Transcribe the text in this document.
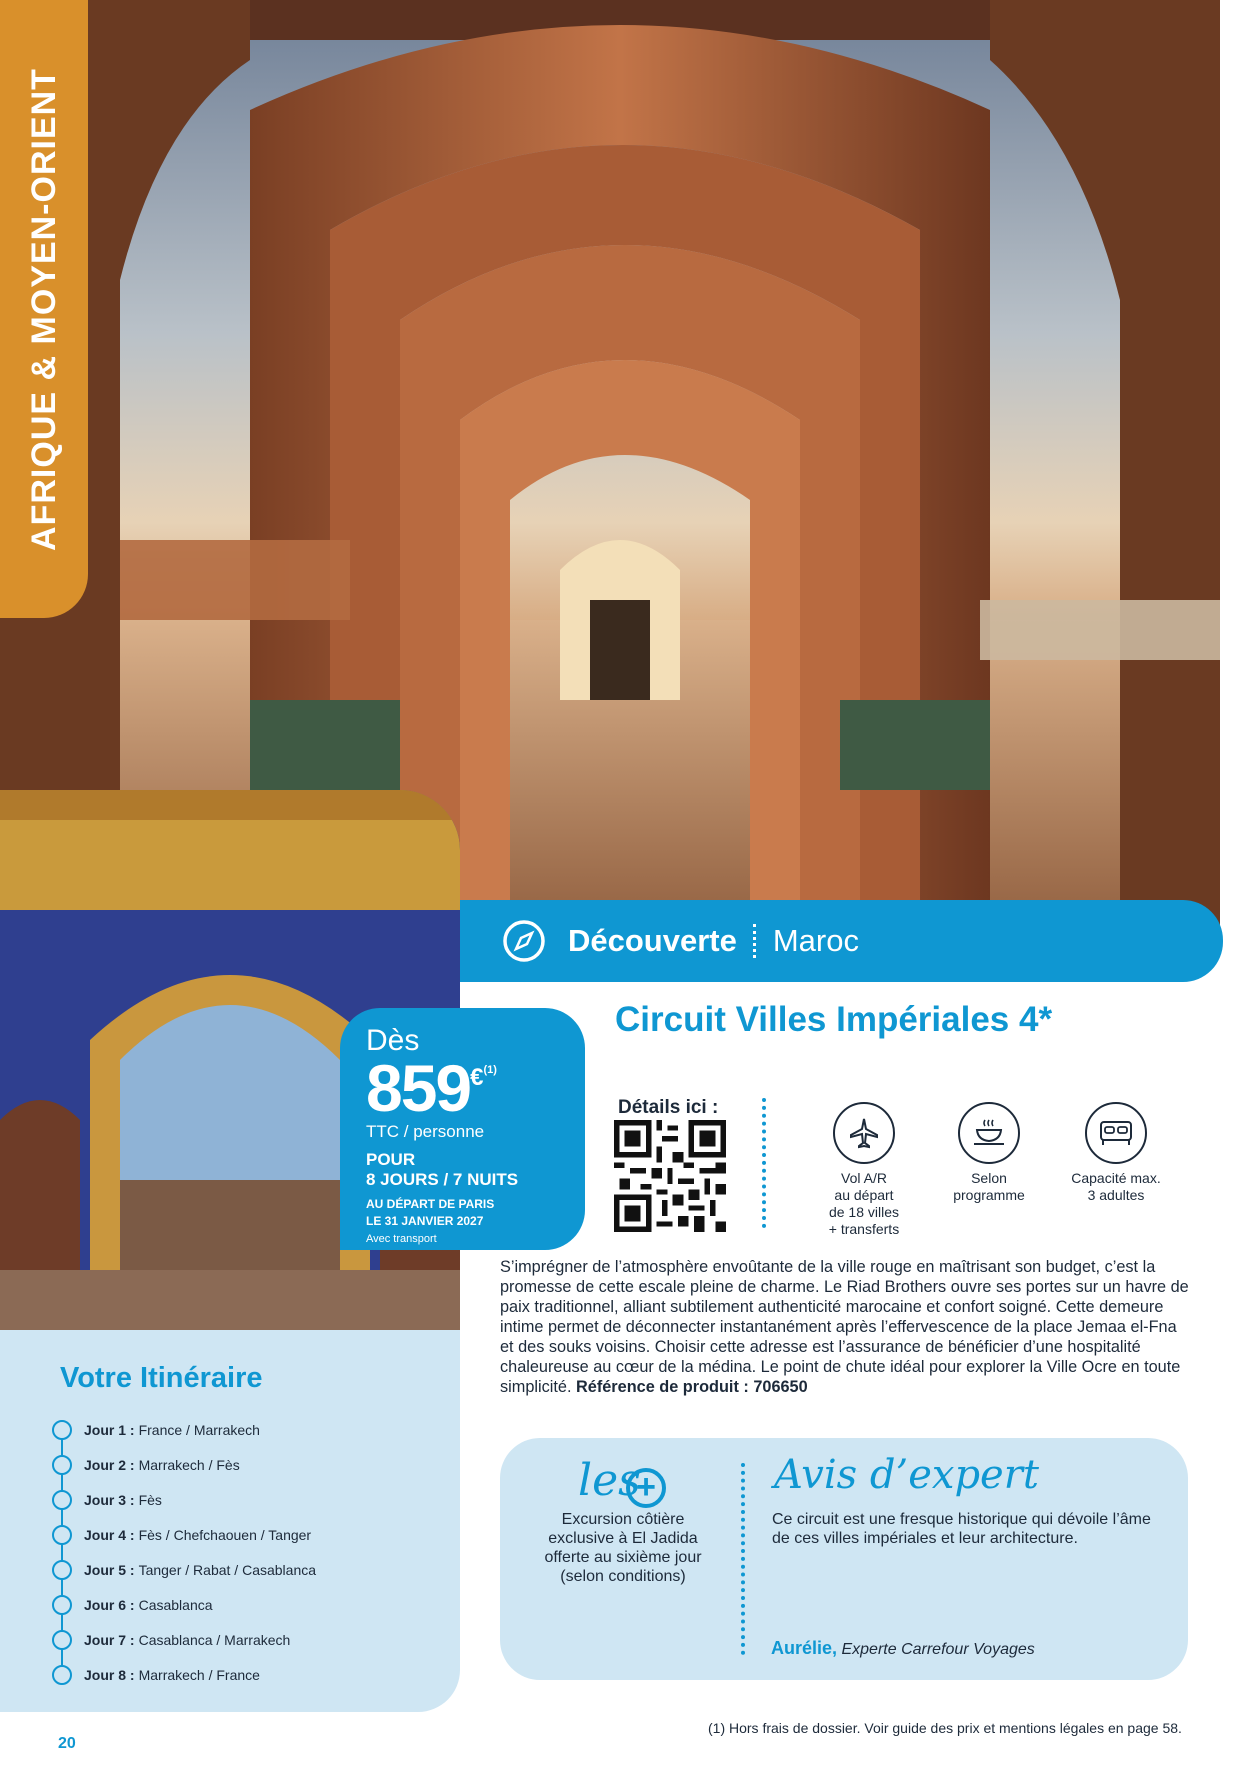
AFRIQUE & MOYEN-ORIENT
Découverte Maroc
Circuit Villes Impériales 4*
Dès
859€(1)
TTC / personne
POUR
8 JOURS / 7 NUITS
AU DÉPART DE PARIS
LE 31 JANVIER 2027
Avec transport
Détails ici :
Vol A/R
au départ
de 18 villes
+ transferts
Selon
programme
Capacité max.
3 adultes
S’imprégner de l’atmosphère envoûtante de la ville rouge en maîtrisant son budget, c’est la promesse de cette escale pleine de charme. Le Riad Brothers ouvre ses portes sur un havre de paix traditionnel, alliant subtilement authenticité marocaine et confort soigné. Cette demeure intime permet de déconnecter instantanément après l’effervescence de la place Jemaa el-Fna et des souks voisins. Choisir cette adresse est l’assurance de bénéficier d’une hospitalité chaleureuse au cœur de la médina. Le point de chute idéal pour explorer la Ville Ocre en toute simplicité. Référence de produit : 706650
Votre Itinéraire
Jour 1 : France / Marrakech
Jour 2 : Marrakech / Fès
Jour 3 : Fès
Jour 4 : Fès / Chefchaouen / Tanger
Jour 5 : Tanger / Rabat / Casablanca
Jour 6 : Casablanca
Jour 7 : Casablanca / Marrakech
Jour 8 : Marrakech / France
les
+
Excursion côtière exclusive à El Jadida offerte au sixième jour (selon conditions)
Avis d’expert
Ce circuit est une fresque historique qui dévoile l’âme de ces villes impériales et leur architecture.
Aurélie, Experte Carrefour Voyages
(1) Hors frais de dossier. Voir guide des prix et mentions légales en page 58.
20
